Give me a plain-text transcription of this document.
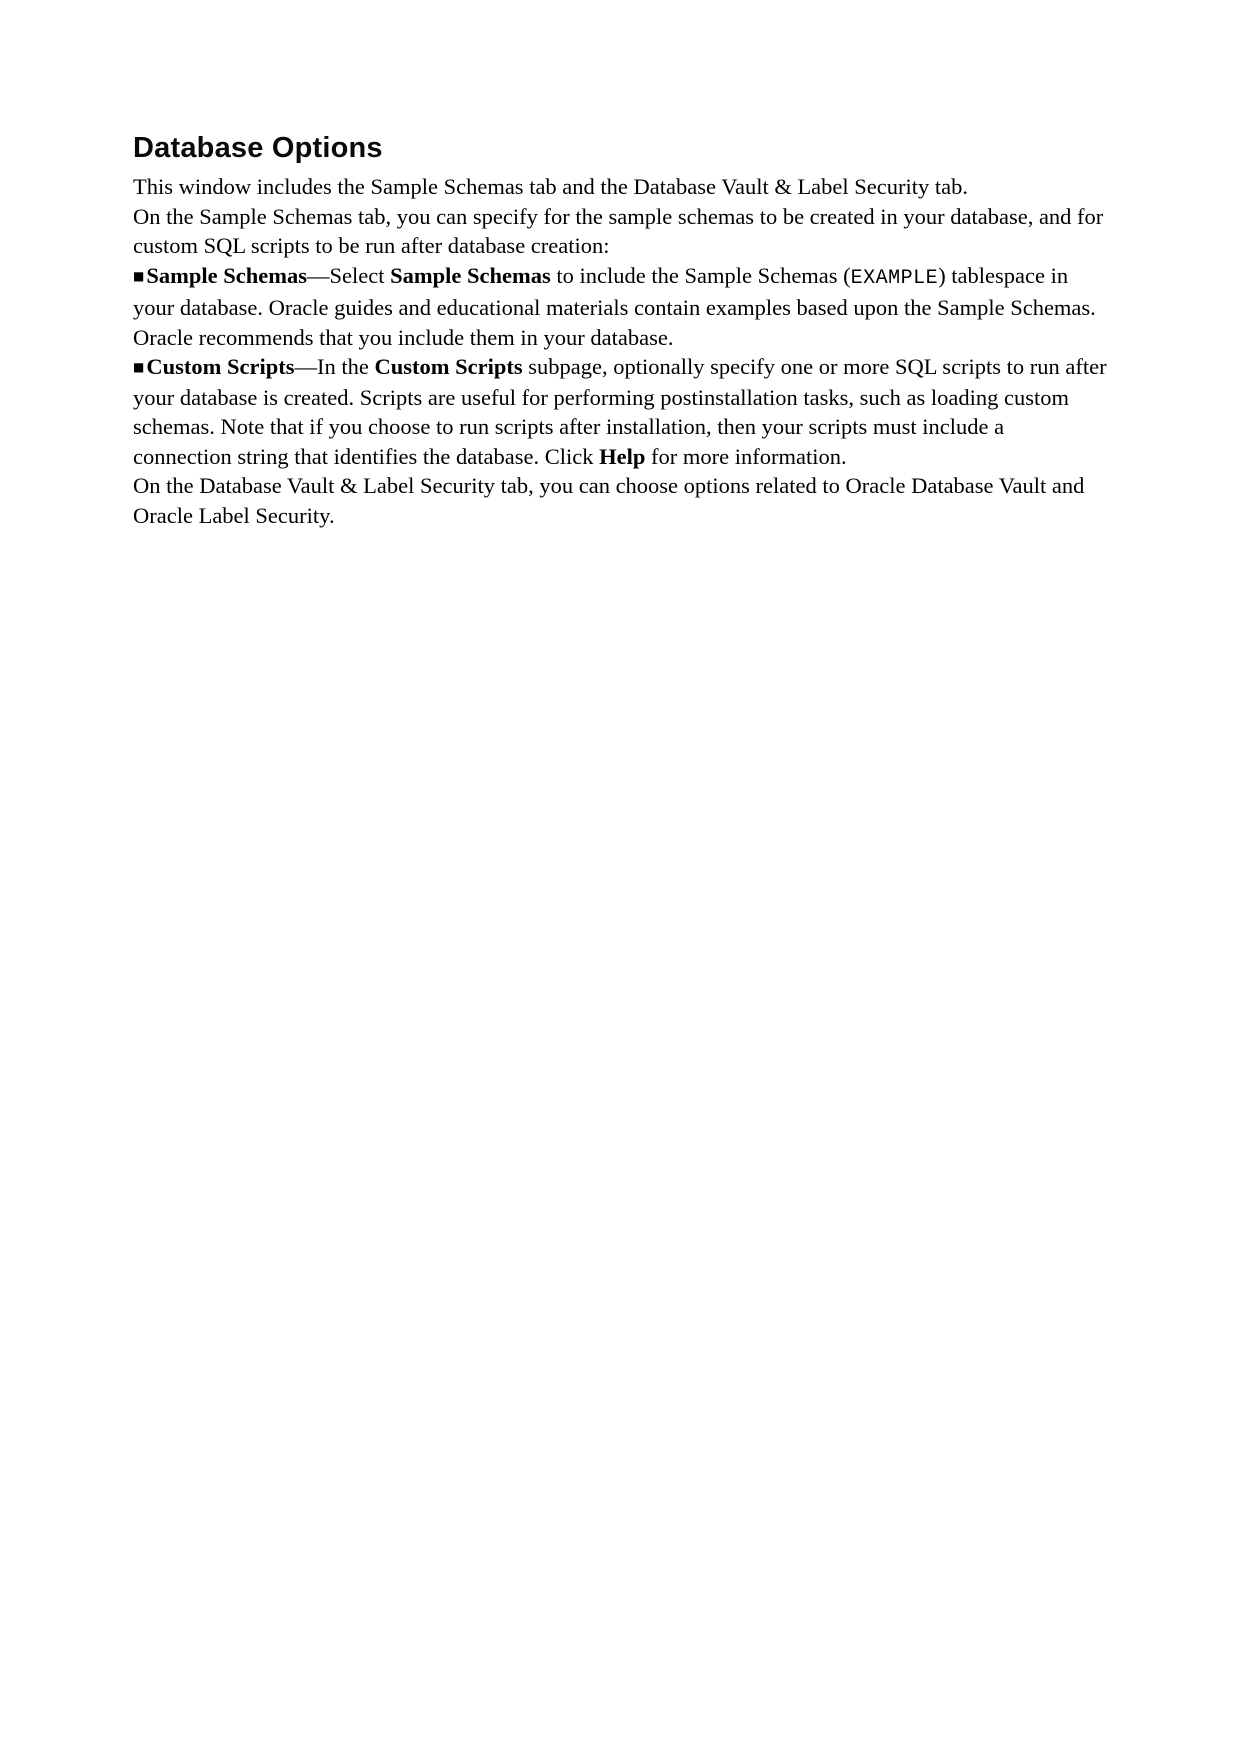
Database Options
This window includes the Sample Schemas tab and the Database Vault & Label Security tab.
On the Sample Schemas tab, you can specify for the sample schemas to be created in your database, and for custom SQL scripts to be run after database creation:
■Sample Schemas—Select Sample Schemas to include the Sample Schemas (EXAMPLE) tablespace in your database. Oracle guides and educational materials contain examples based upon the Sample Schemas. Oracle recommends that you include them in your database.
■Custom Scripts—In the Custom Scripts subpage, optionally specify one or more SQL scripts to run after your database is created. Scripts are useful for performing postinstallation tasks, such as loading custom schemas. Note that if you choose to run scripts after installation, then your scripts must include a connection string that identifies the database. Click Help for more information.
On the Database Vault & Label Security tab, you can choose options related to Oracle Database Vault and Oracle Label Security.
